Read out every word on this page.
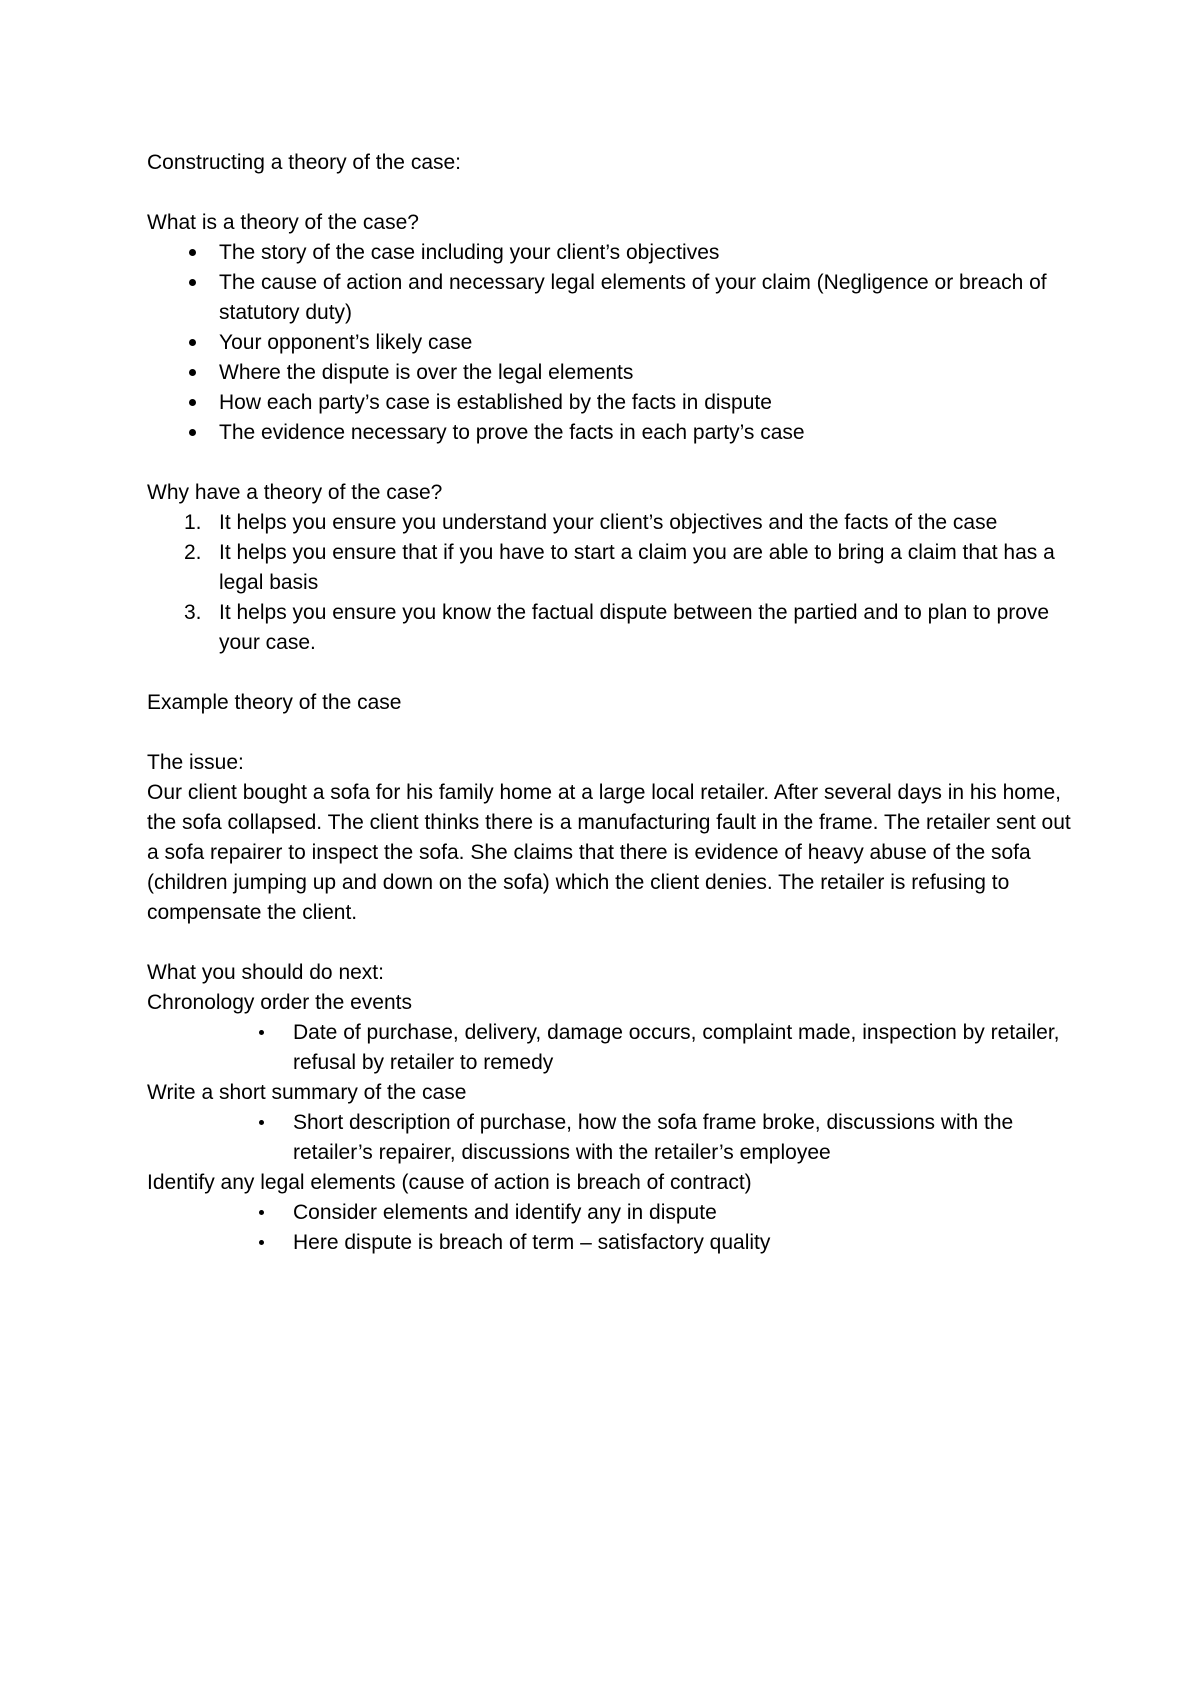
Constructing a theory of the case:

What is a theory of the case?

The story of the case including your client’s objectives
The cause of action and necessary legal elements of your claim (Negligence or breach of statutory duty)
Your opponent’s likely case
Where the dispute is over the legal elements
How each party’s case is established by the facts in dispute
The evidence necessary to prove the facts in each party’s case

Why have a theory of the case?

1. It helps you ensure you understand your client’s objectives and the facts of the case
2. It helps you ensure that if you have to start a claim you are able to bring a claim that has a legal basis
3. It helps you ensure you know the factual dispute between the partied and to plan to prove your case.

Example theory of the case

The issue:

Our client bought a sofa for his family home at a large local retailer. After several days in his home, the sofa collapsed. The client thinks there is a manufacturing fault in the frame. The retailer sent out a sofa repairer to inspect the sofa. She claims that there is evidence of heavy abuse of the sofa (children jumping up and down on the sofa) which the client denies. The retailer is refusing to compensate the client.

What you should do next:

Chronology order the events

Date of purchase, delivery, damage occurs, complaint made, inspection by retailer, refusal by retailer to remedy

Write a short summary of the case

Short description of purchase, how the sofa frame broke, discussions with the retailer’s repairer, discussions with the retailer’s employee

Identify any legal elements (cause of action is breach of contract)

Consider elements and identify any in dispute
Here dispute is breach of term – satisfactory quality
